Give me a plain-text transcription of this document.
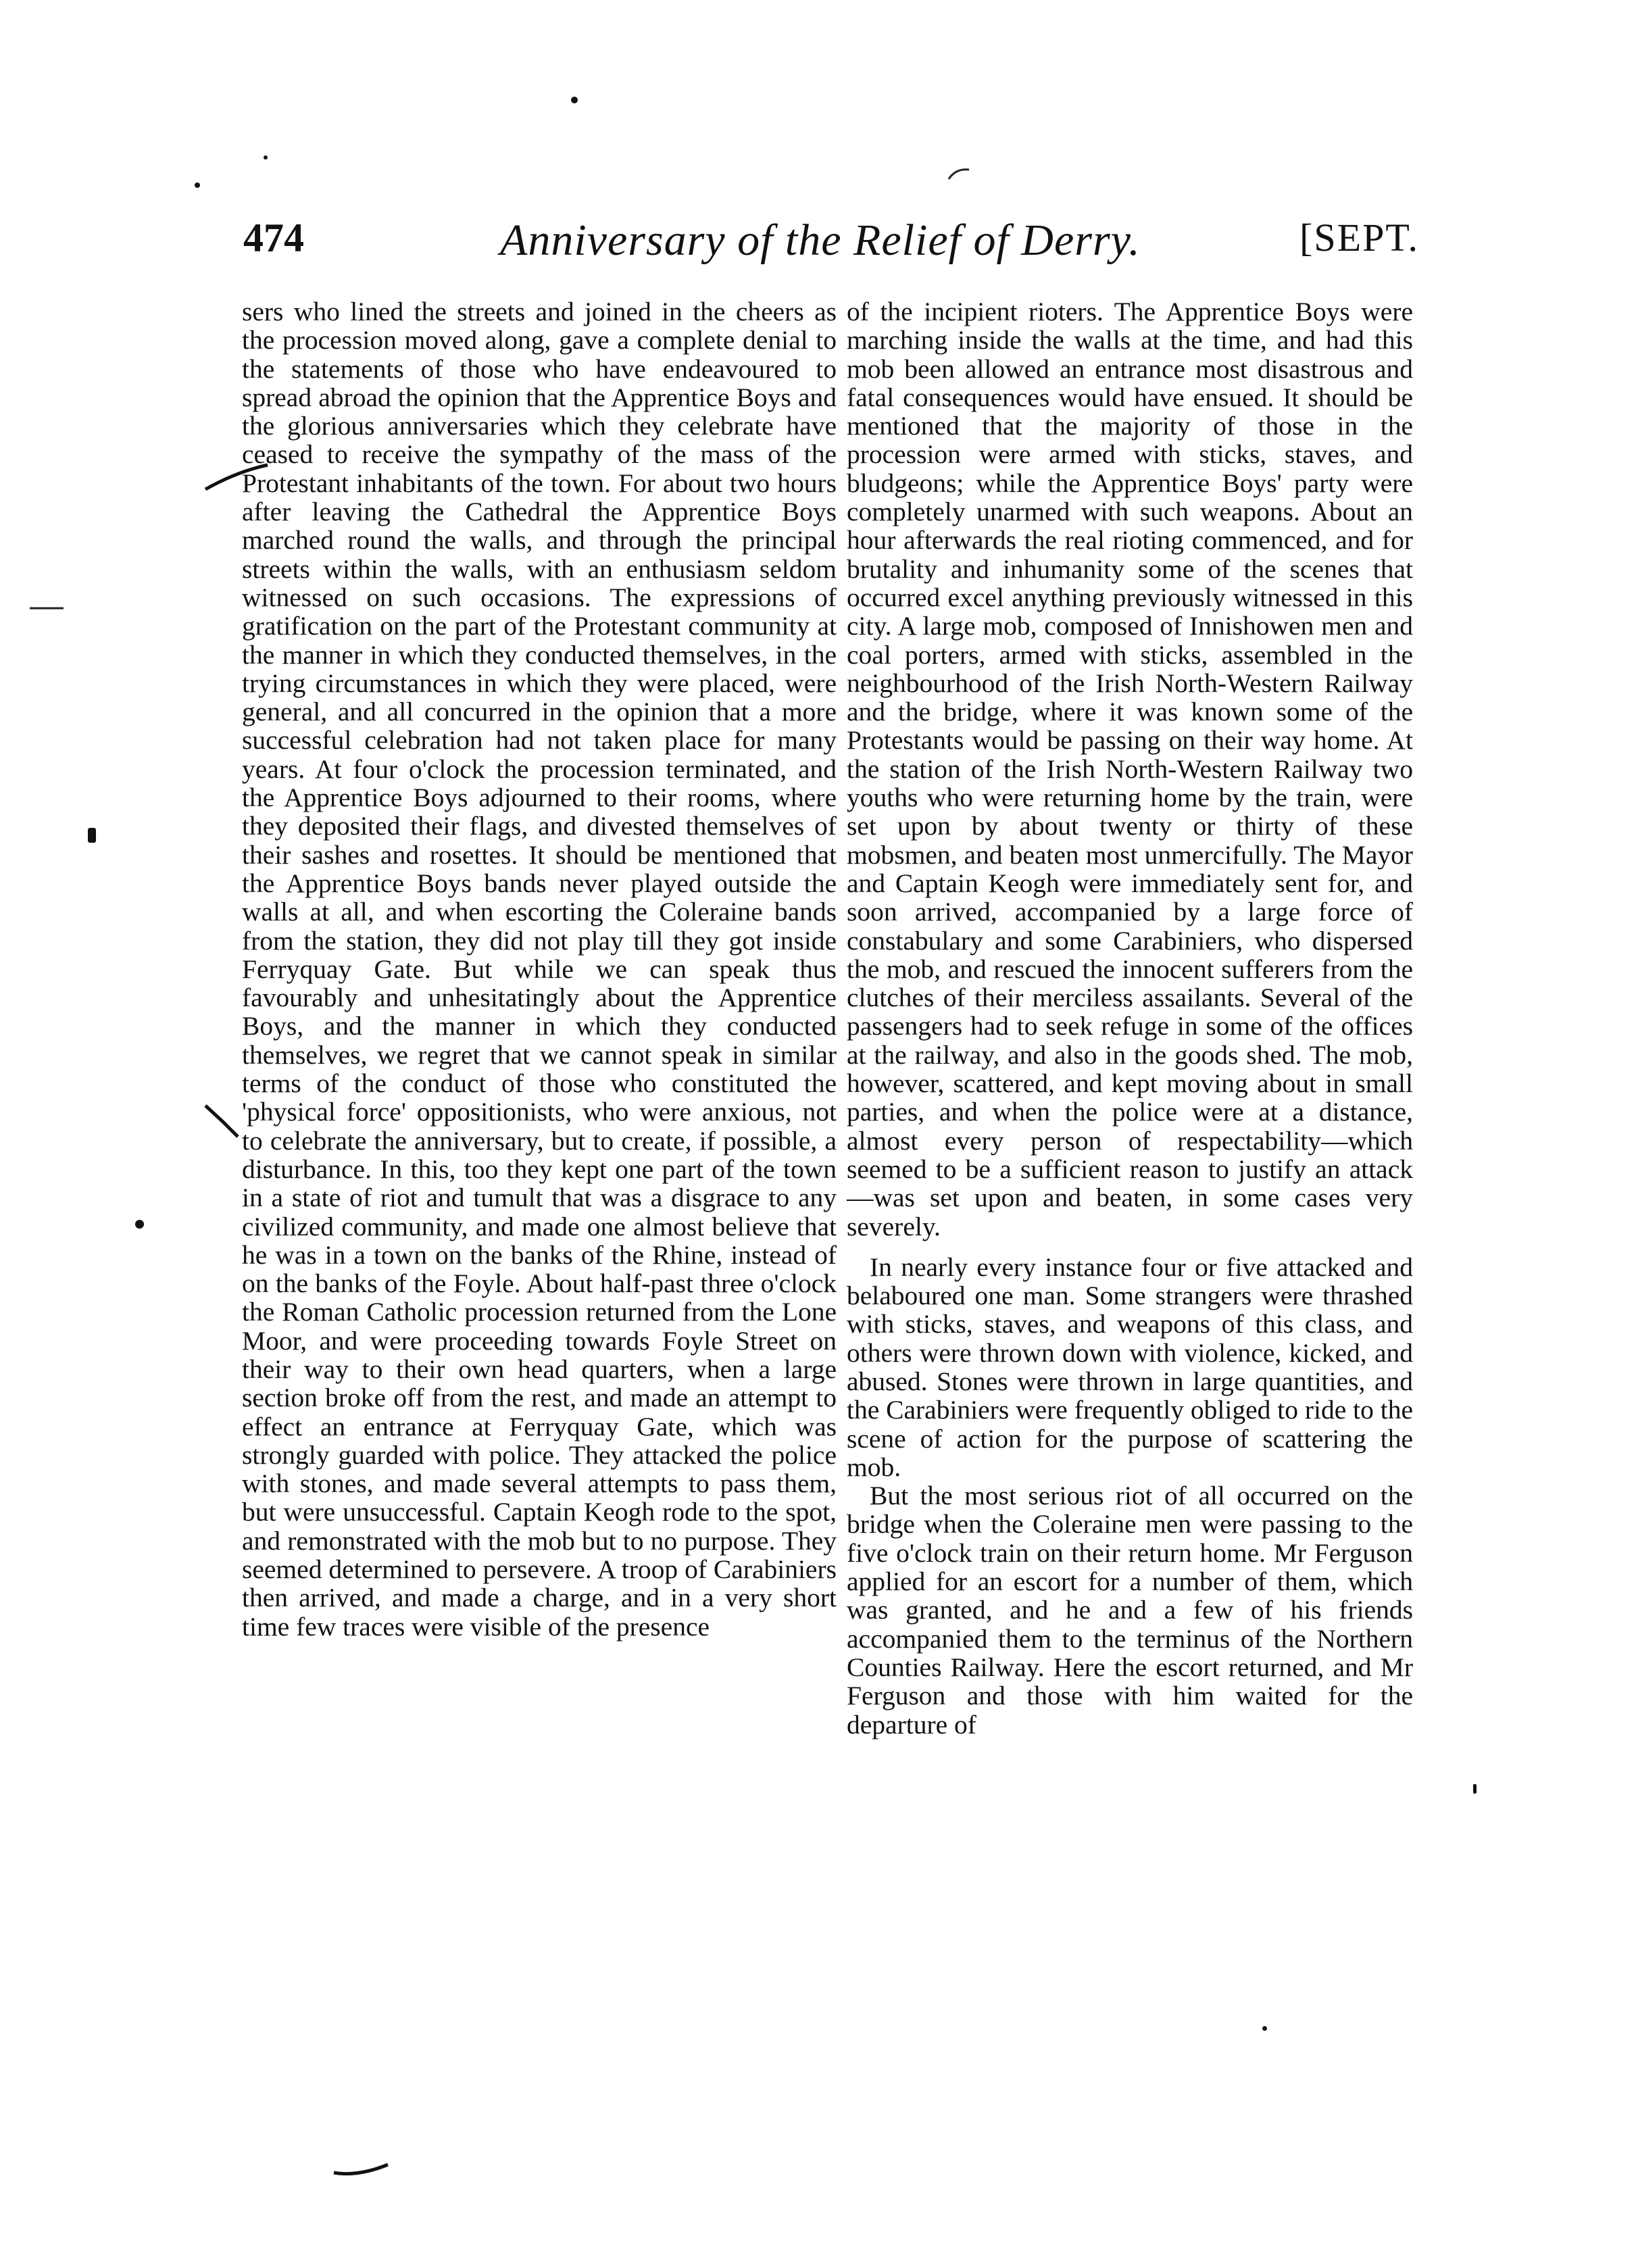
474	Anniversary of the Relief of Derry.	[SEPT.

sers who lined the streets and joined in the cheers as the procession moved along, gave a complete denial to the statements of those who have endeavoured to spread abroad the opinion that the Apprentice Boys and the glorious anniversaries which they celebrate have ceased to receive the sympathy of the mass of the Protestant inhabitants of the town. For about two hours after leaving the Cathedral the Apprentice Boys marched round the walls, and through the principal streets within the walls, with an enthusiasm seldom witnessed on such occasions. The expressions of gratification on the part of the Protestant community at the manner in which they conducted themselves, in the trying circumstances in which they were placed, were general, and all concurred in the opinion that a more successful celebration had not taken place for many years. At four o'clock the procession terminated, and the Apprentice Boys adjourned to their rooms, where they deposited their flags, and divested themselves of their sashes and rosettes. It should be mentioned that the Apprentice Boys bands never played outside the walls at all, and when escorting the Coleraine bands from the station, they did not play till they got inside Ferryquay Gate. But while we can speak thus favourably and unhesitatingly about the Apprentice Boys, and the manner in which they conducted themselves, we regret that we cannot speak in similar terms of the conduct of those who constituted the 'physical force' oppositionists, who were anxious, not to celebrate the anniversary, but to create, if possible, a disturbance. In this, too they kept one part of the town in a state of riot and tumult that was a disgrace to any civilized community, and made one almost believe that he was in a town on the banks of the Rhine, instead of on the banks of the Foyle. About half-past three o'clock the Roman Catholic procession returned from the Lone Moor, and were proceeding towards Foyle Street on their way to their own head quarters, when a large section broke off from the rest, and made an attempt to effect an entrance at Ferryquay Gate, which was strongly guarded with police. They attacked the police with stones, and made several attempts to pass them, but were unsuccessful. Captain Keogh rode to the spot, and remonstrated with the mob but to no purpose. They seemed determined to persevere. A troop of Carabiniers then arrived, and made a charge, and in a very short time few traces were visible of the presence

of the incipient rioters. The Apprentice Boys were marching inside the walls at the time, and had this mob been allowed an entrance most disastrous and fatal consequences would have ensued. It should be mentioned that the majority of those in the procession were armed with sticks, staves, and bludgeons; while the Apprentice Boys' party were completely unarmed with such weapons. About an hour afterwards the real rioting commenced, and for brutality and inhumanity some of the scenes that occurred excel anything previously witnessed in this city. A large mob, composed of Innishowen men and coal porters, armed with sticks, assembled in the neighbourhood of the Irish North-Western Railway and the bridge, where it was known some of the Protestants would be passing on their way home. At the station of the Irish North-Western Railway two youths who were returning home by the train, were set upon by about twenty or thirty of these mobsmen, and beaten most unmercifully. The Mayor and Captain Keogh were immediately sent for, and soon arrived, accompanied by a large force of constabulary and some Carabiniers, who dispersed the mob, and rescued the innocent sufferers from the clutches of their merciless assailants. Several of the passengers had to seek refuge in some of the offices at the railway, and also in the goods shed. The mob, however, scattered, and kept moving about in small parties, and when the police were at a distance, almost every person of respectability—which seemed to be a sufficient reason to justify an attack—was set upon and beaten, in some cases very severely.

In nearly every instance four or five attacked and belaboured one man. Some strangers were thrashed with sticks, staves, and weapons of this class, and others were thrown down with violence, kicked, and abused. Stones were thrown in large quantities, and the Carabiniers were frequently obliged to ride to the scene of action for the purpose of scattering the mob.

But the most serious riot of all occurred on the bridge when the Coleraine men were passing to the five o'clock train on their return home. Mr Ferguson applied for an escort for a number of them, which was granted, and he and a few of his friends accompanied them to the terminus of the Northern Counties Railway. Here the escort returned, and Mr Ferguson and those with him waited for the departure of
